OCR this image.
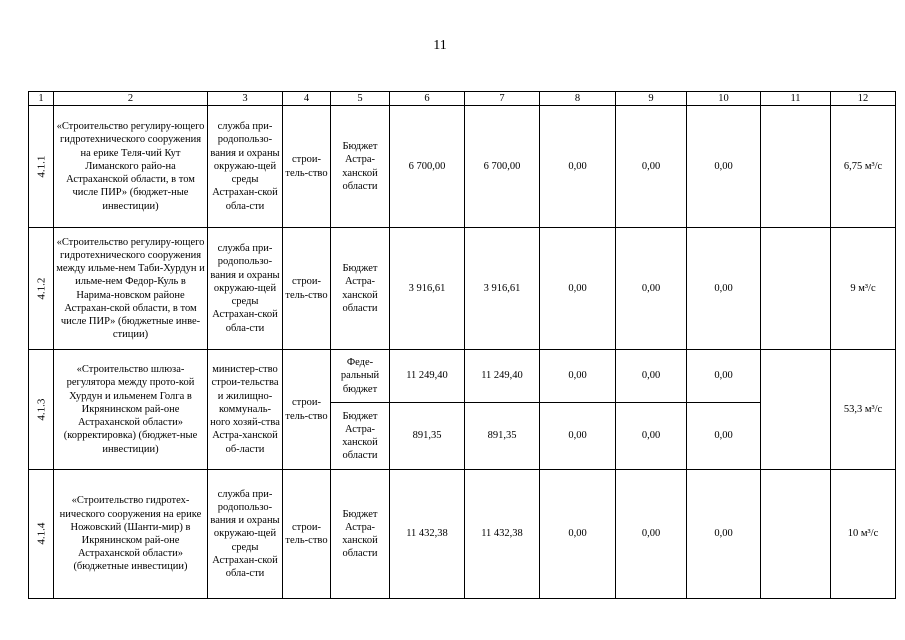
11
1	2	3	4	5	6	7	8	9	10	11	12
4.1.1	«Строительство регулиру-ющего гидротехнического сооружения на ерике Теля-чий Кут Лиманского райо-на Астраханской области, в том числе ПИР» (бюджет-ные инвестиции)	служба при-родопользо-вания и охраны окружаю-щей среды Астрахан-ской обла-сти	строи-тель-ство	Бюджет Астра-ханской области	6 700,00	6 700,00	0,00	0,00	0,00		6,75 м³/с
4.1.2	«Строительство регулиру-ющего гидротехнического сооружения между ильме-нем Таби-Хурдун и ильме-нем Федор-Куль в Нарима-новском районе Астрахан-ской области, в том числе ПИР» (бюджетные инве-стиции)	служба при-родопользо-вания и охраны окружаю-щей среды Астрахан-ской обла-сти	строи-тель-ство	Бюджет Астра-ханской области	3 916,61	3 916,61	0,00	0,00	0,00		9 м³/с
4.1.3	«Строительство шлюза-регулятора между прото-кой Хурдун и ильменем Голга в Икрянинском рай-оне Астраханской области» (корректировка) (бюджет-ные инвестиции)	министер-ство строи-тельства и жилищно-коммуналь-ного хозяй-ства Астра-ханской об-ласти	строи-тель-ство	Феде-ральный бюджет	11 249,40	11 249,40	0,00	0,00	0,00		53,3 м³/с
				Бюджет Астра-ханской области	891,35	891,35	0,00	0,00	0,00		
4.1.4	«Строительство гидротех-нического сооружения на ерике Ножовский (Шанти-мир) в Икрянинском рай-оне Астраханской области» (бюджетные инвестиции)	служба при-родопользо-вания и охраны окружаю-щей среды Астрахан-ской обла-сти	строи-тель-ство	Бюджет Астра-ханской области	11 432,38	11 432,38	0,00	0,00	0,00		10 м³/с
